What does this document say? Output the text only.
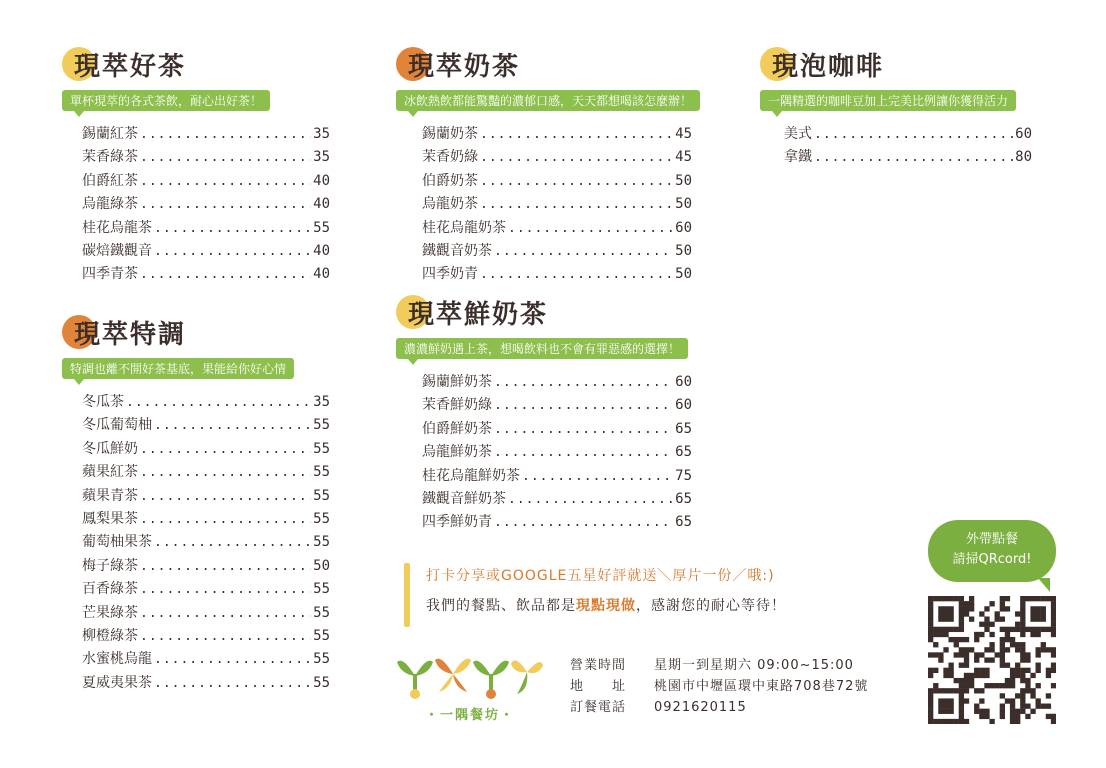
現萃好茶
單杯現萃的各式茶飲，耐心出好茶！
錫蘭紅茶 .....	35
茉香綠茶 .....	35
伯爵紅茶 .....	40
烏龍綠茶 .....	40
桂花烏龍茶 .....	55
碳焙鐵觀音 .....	40
四季青茶 .....	40
現萃特調
特調也離不開好茶基底，果能給你好心情
冬瓜茶 .....	35
冬瓜葡萄柚 .....	55
冬瓜鮮奶 .....	55
蘋果紅茶 .....	55
蘋果青茶 .....	55
鳳梨果茶 .....	55
葡萄柚果茶 .....	55
梅子綠茶 .....	50
百香綠茶 .....	55
芒果綠茶 .....	55
柳橙綠茶 .....	55
水蜜桃烏龍 .....	55
夏威夷果茶 .....	55
現萃奶茶
冰飲熱飲都能驚豔的濃郁口感，天天都想喝該怎麼辦！
錫蘭奶茶 .....	45
茉香奶綠 .....	45
伯爵奶茶 .....	50
烏龍奶茶 .....	50
桂花烏龍奶茶 .....	60
鐵觀音奶茶 .....	50
四季奶青 .....	50
現萃鮮奶茶
濃濃鮮奶遇上茶，想喝飲料也不會有罪惡感的選擇！
錫蘭鮮奶茶 .....	60
茉香鮮奶綠 .....	60
伯爵鮮奶茶 .....	65
烏龍鮮奶茶 .....	65
桂花烏龍鮮奶茶 .....	75
鐵觀音鮮奶茶 .....	65
四季鮮奶青 .....	65
現泡咖啡
一隅精選的咖啡豆加上完美比例讓你獲得活力
美式 .....	60
拿鐵 .....	80
打卡分享或GOOGLE五星好評就送＼厚片一份／哦:)
我們的餐點、飲品都是現點現做，感謝您的耐心等待！
・一隅餐坊・
營業時間	星期一到星期六 09:00~15:00
地　　址	桃園市中壢區環中東路708巷72號
訂餐電話	0921620115
外帶點餐
請掃QRcord!
